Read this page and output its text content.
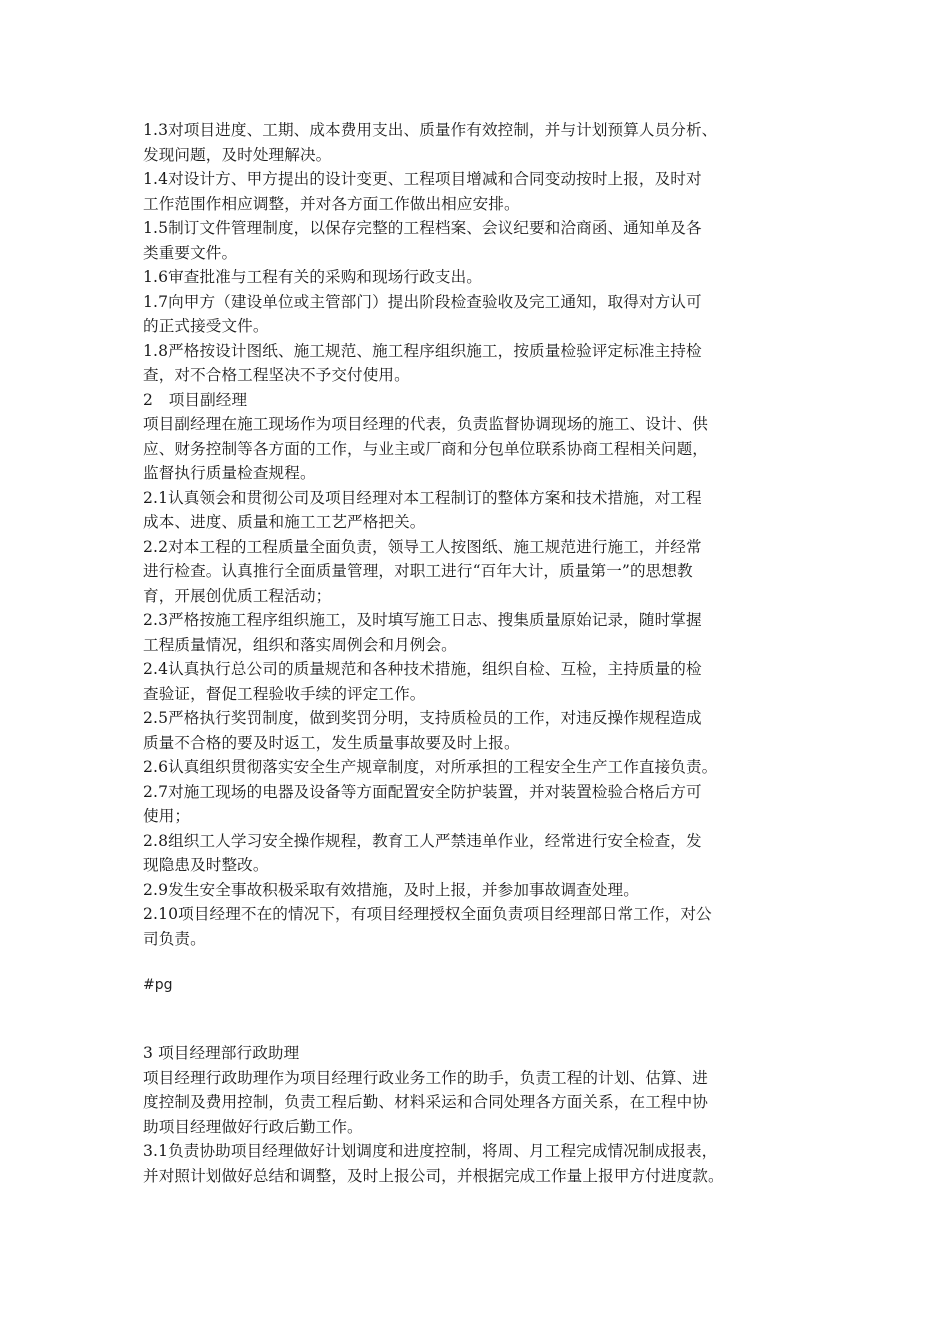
1.3对项目进度、工期、成本费用支出、质量作有效控制，并与计划预算人员分析、
发现问题，及时处理解决。
1.4对设计方、甲方提出的设计变更、工程项目增减和合同变动按时上报，及时对
工作范围作相应调整，并对各方面工作做出相应安排。
1.5制订文件管理制度，以保存完整的工程档案、会议纪要和洽商函、通知单及各
类重要文件。
1.6审查批准与工程有关的采购和现场行政支出。
1.7向甲方（建设单位或主管部门）提出阶段检查验收及完工通知，取得对方认可
的正式接受文件。
1.8严格按设计图纸、施工规范、施工程序组织施工，按质量检验评定标准主持检
查，对不合格工程坚决不予交付使用。
2　项目副经理
项目副经理在施工现场作为项目经理的代表，负责监督协调现场的施工、设计、供
应、财务控制等各方面的工作，与业主或厂商和分包单位联系协商工程相关问题，
监督执行质量检查规程。
2.1认真领会和贯彻公司及项目经理对本工程制订的整体方案和技术措施，对工程
成本、进度、质量和施工工艺严格把关。
2.2对本工程的工程质量全面负责，领导工人按图纸、施工规范进行施工，并经常
进行检查。认真推行全面质量管理，对职工进行“百年大计，质量第一”的思想教
育，开展创优质工程活动；
2.3严格按施工程序组织施工，及时填写施工日志、搜集质量原始记录，随时掌握
工程质量情况，组织和落实周例会和月例会。
2.4认真执行总公司的质量规范和各种技术措施，组织自检、互检，主持质量的检
查验证，督促工程验收手续的评定工作。
2.5严格执行奖罚制度，做到奖罚分明，支持质检员的工作，对违反操作规程造成
质量不合格的要及时返工，发生质量事故要及时上报。
2.6认真组织贯彻落实安全生产规章制度，对所承担的工程安全生产工作直接负责。
2.7对施工现场的电器及设备等方面配置安全防护装置，并对装置检验合格后方可
使用；
2.8组织工人学习安全操作规程，教育工人严禁违单作业，经常进行安全检查，发
现隐患及时整改。
2.9发生安全事故积极采取有效措施，及时上报，并参加事故调查处理。
2.10项目经理不在的情况下，有项目经理授权全面负责项目经理部日常工作，对公
司负责。
#pg
3 项目经理部行政助理
项目经理行政助理作为项目经理行政业务工作的助手，负责工程的计划、估算、进
度控制及费用控制，负责工程后勤、材料采运和合同处理各方面关系，在工程中协
助项目经理做好行政后勤工作。
3.1负责协助项目经理做好计划调度和进度控制，将周、月工程完成情况制成报表，
并对照计划做好总结和调整，及时上报公司，并根据完成工作量上报甲方付进度款。
